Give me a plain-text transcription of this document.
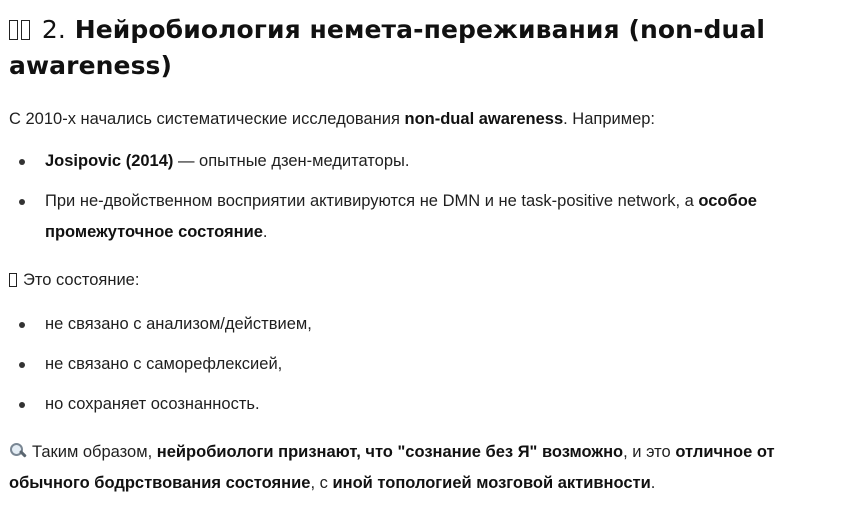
2. Нейробиология немета-переживания (non-dual awareness)

С 2010-х начались систематические исследования non-dual awareness. Например:

Josipovic (2014) — опытные дзен-медитаторы.
При не-двойственном восприятии активируются не DMN и не task-positive network, а особое промежуточное состояние.

Это состояние:

не связано с анализом/действием,
не связано с саморефлексией,
но сохраняет осознанность.

Таким образом, нейробиологи признают, что "сознание без Я" возможно, и это отличное от обычного бодрствования состояние, с иной топологией мозговой активности.
